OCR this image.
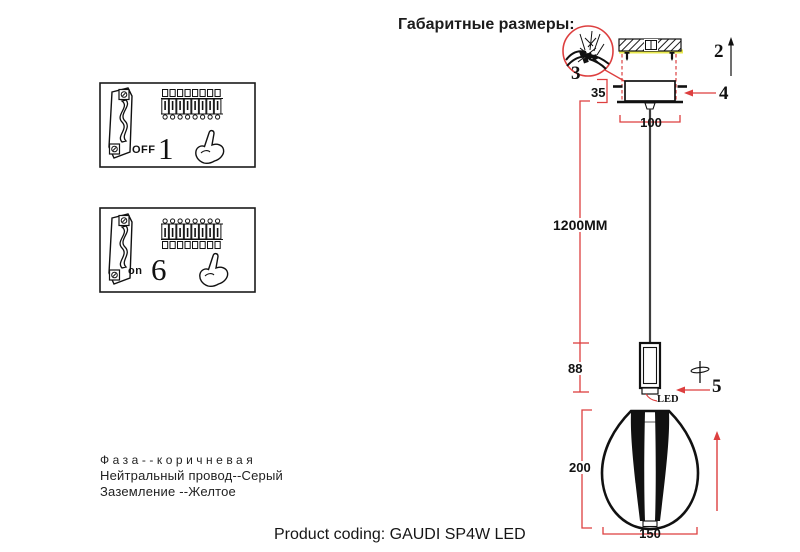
Габаритные размеры:
3
2
4
5
35
100
1200MM
88
LED
200
150
OFF 1
on 6
Фаза--коричневая
Нейтральный провод--Серый
Заземление --Желтое
Product coding: GAUDI SP4W LED
